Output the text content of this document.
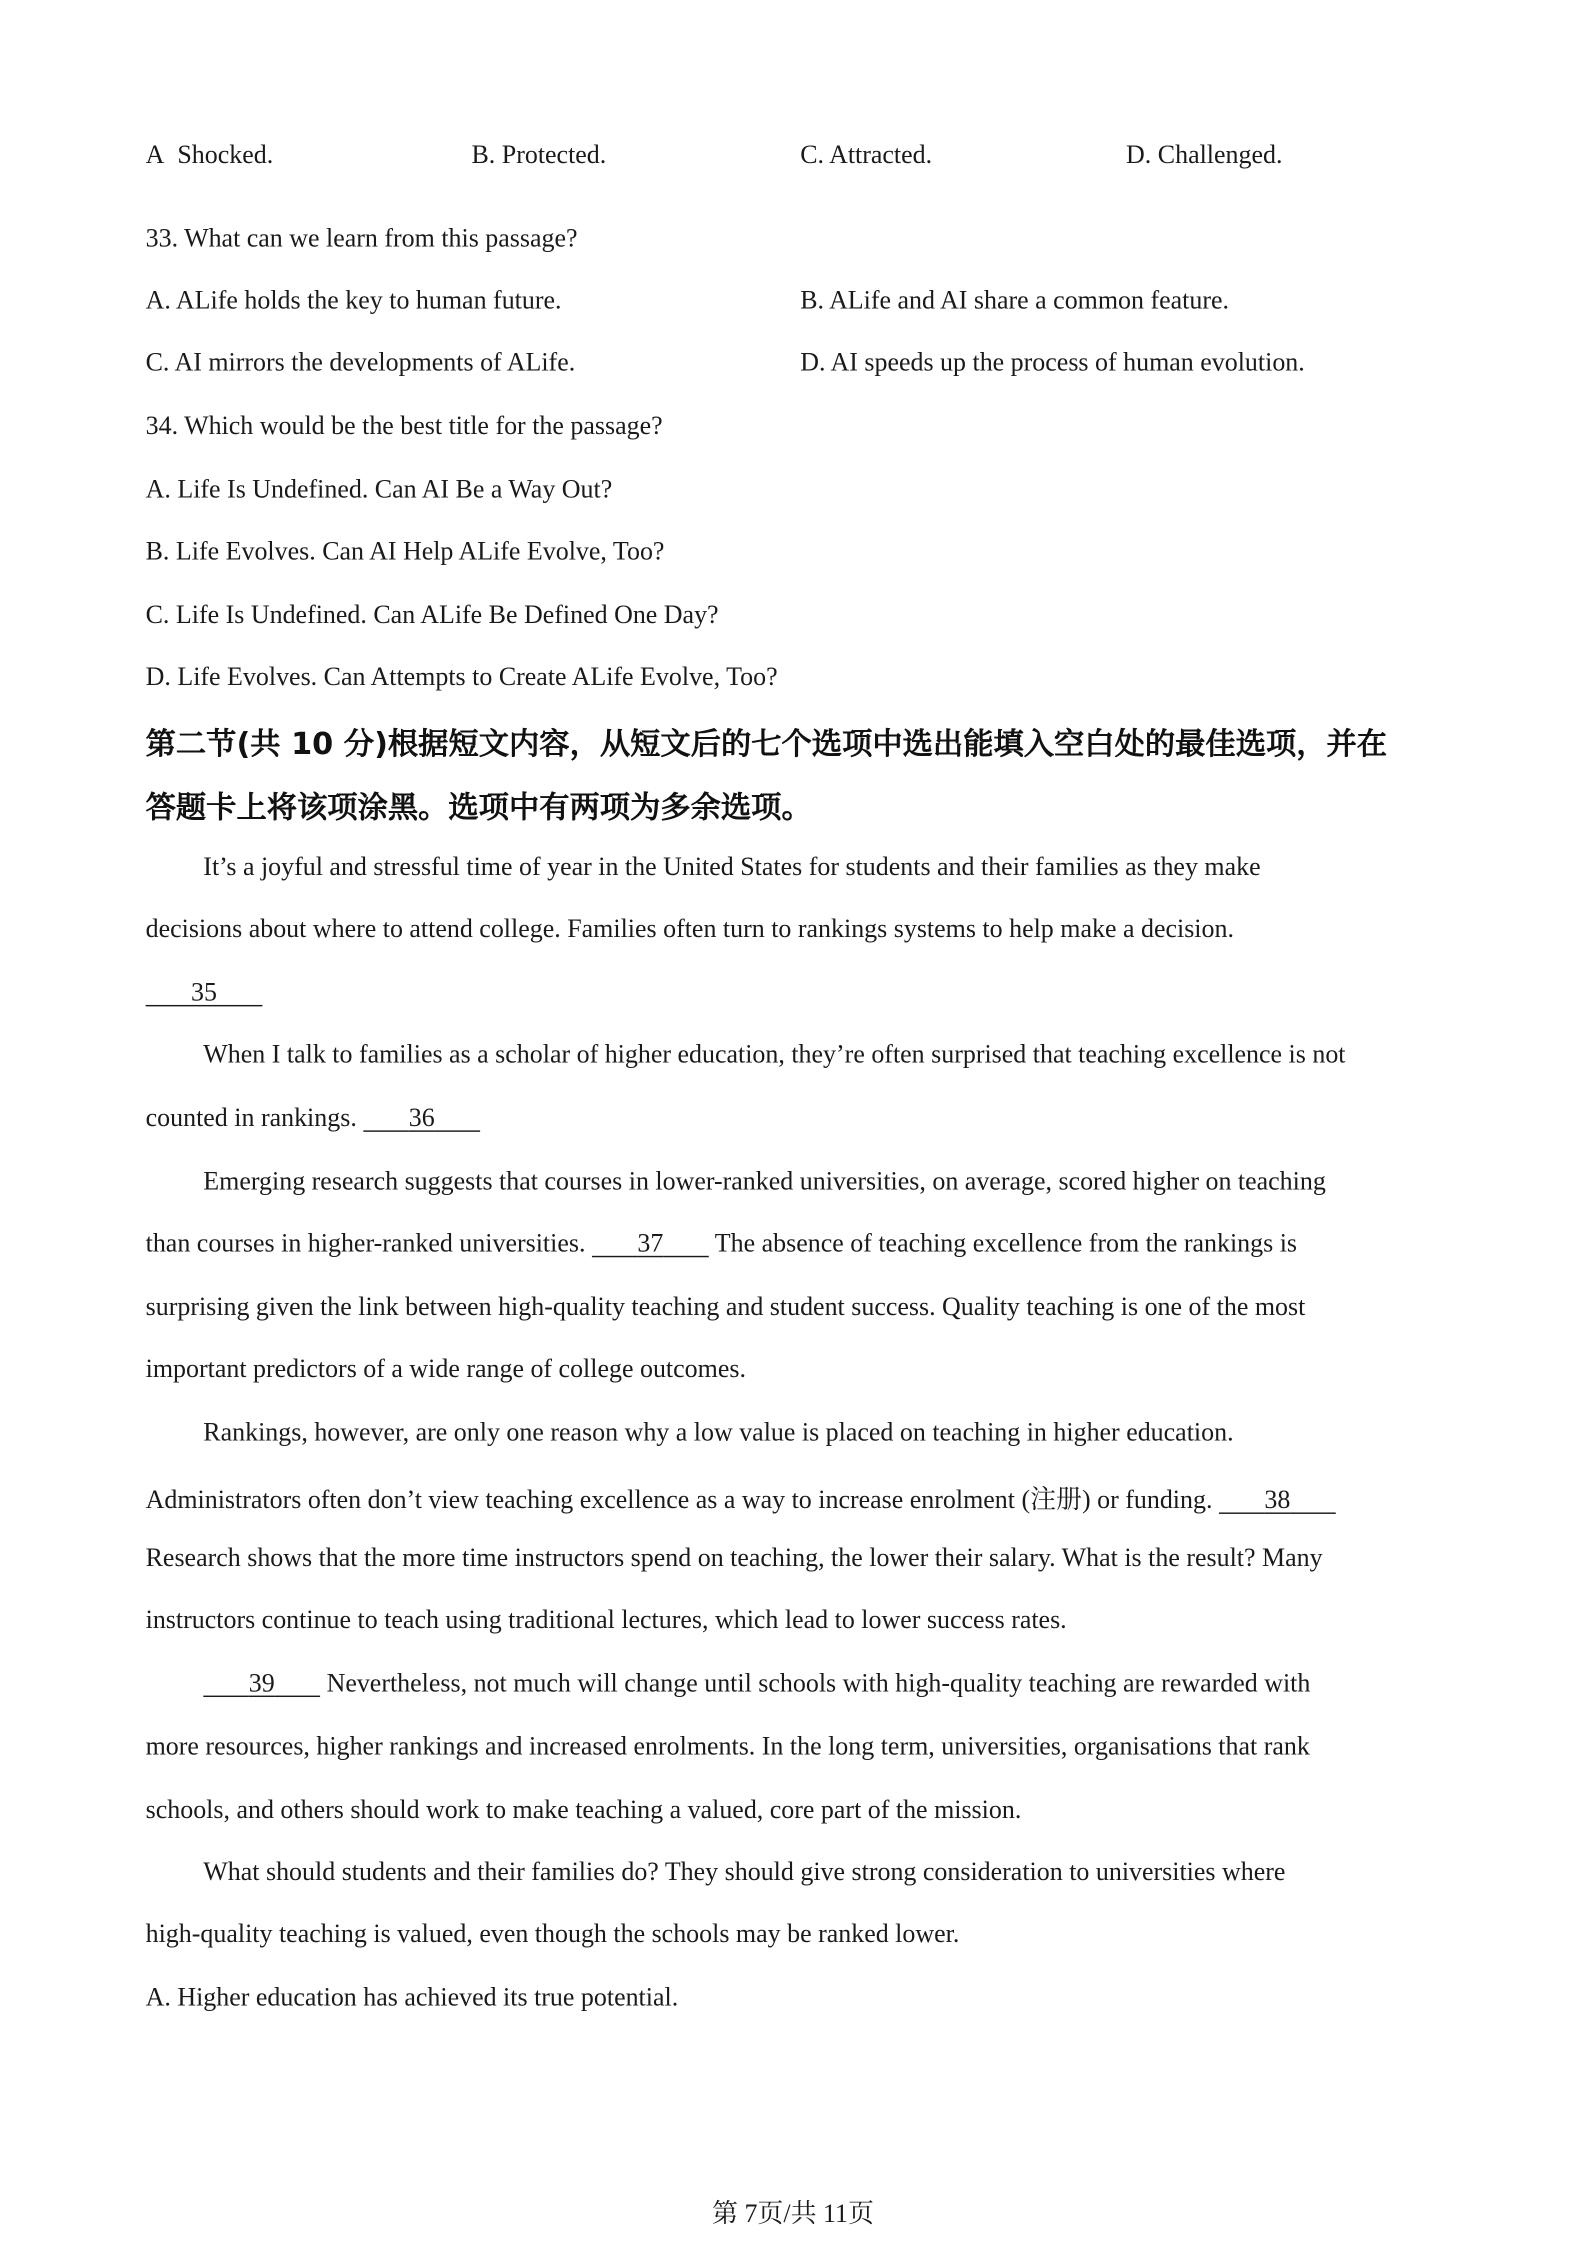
A Shocked.	B. Protected.	C. Attracted.	D. Challenged.
33. What can we learn from this passage?
A. ALife holds the key to human future.	B. ALife and AI share a common feature.
C. AI mirrors the developments of ALife.	D. AI speeds up the process of human evolution.
34. Which would be the best title for the passage?
A. Life Is Undefined. Can AI Be a Way Out?
B. Life Evolves. Can AI Help ALife Evolve, Too?
C. Life Is Undefined. Can ALife Be Defined One Day?
D. Life Evolves. Can Attempts to Create ALife Evolve, Too?
第二节(共 10 分)根据短文内容，从短文后的七个选项中选出能填入空白处的最佳选项，并在
答题卡上将该项涂黑。选项中有两项为多余选项。
It’s a joyful and stressful time of year in the United States for students and their families as they make
decisions about where to attend college. Families often turn to rankings systems to help make a decision.
35
When I talk to families as a scholar of higher education, they’re often surprised that teaching excellence is not
counted in rankings.	36
Emerging research suggests that courses in lower-ranked universities, on average, scored higher on teaching
than courses in higher-ranked universities.	37	The absence of teaching excellence from the rankings is
surprising given the link between high-quality teaching and student success. Quality teaching is one of the most
important predictors of a wide range of college outcomes.
Rankings, however, are only one reason why a low value is placed on teaching in higher education.
Administrators often don’t view teaching excellence as a way to increase enrolment (注册) or funding.	38
Research shows that the more time instructors spend on teaching, the lower their salary. What is the result? Many
instructors continue to teach using traditional lectures, which lead to lower success rates.
39	Nevertheless, not much will change until schools with high-quality teaching are rewarded with
more resources, higher rankings and increased enrolments. In the long term, universities, organisations that rank
schools, and others should work to make teaching a valued, core part of the mission.
What should students and their families do? They should give strong consideration to universities where
high-quality teaching is valued, even though the schools may be ranked lower.
A. Higher education has achieved its true potential.
第 7页/共 11页
